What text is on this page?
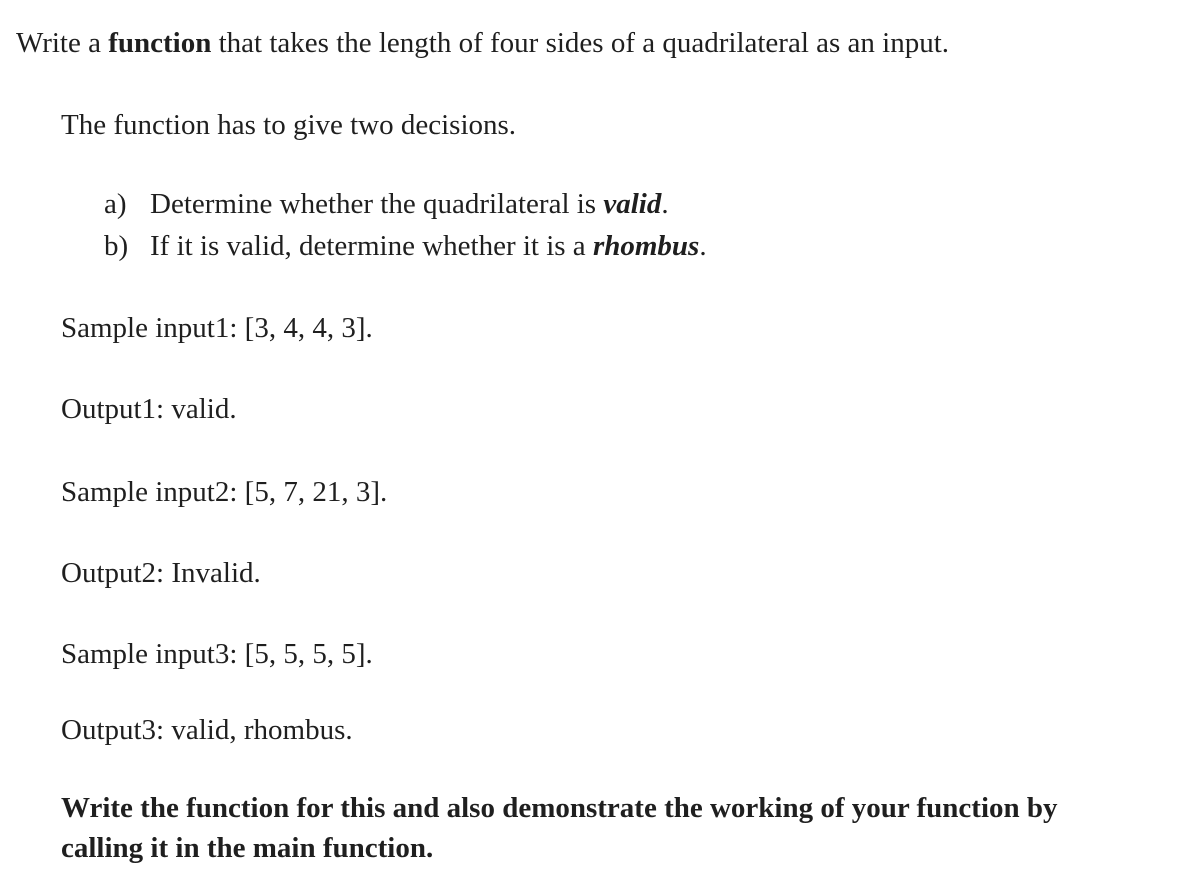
Write a function that takes the length of four sides of a quadrilateral as an input.
The function has to give two decisions.
a) Determine whether the quadrilateral is valid.
b) If it is valid, determine whether it is a rhombus.
Sample input1: [3, 4, 4, 3].
Output1: valid.
Sample input2: [5, 7, 21, 3].
Output2: Invalid.
Sample input3: [5, 5, 5, 5].
Output3: valid, rhombus.
Write the function for this and also demonstrate the working of your function by calling it in the main function.
